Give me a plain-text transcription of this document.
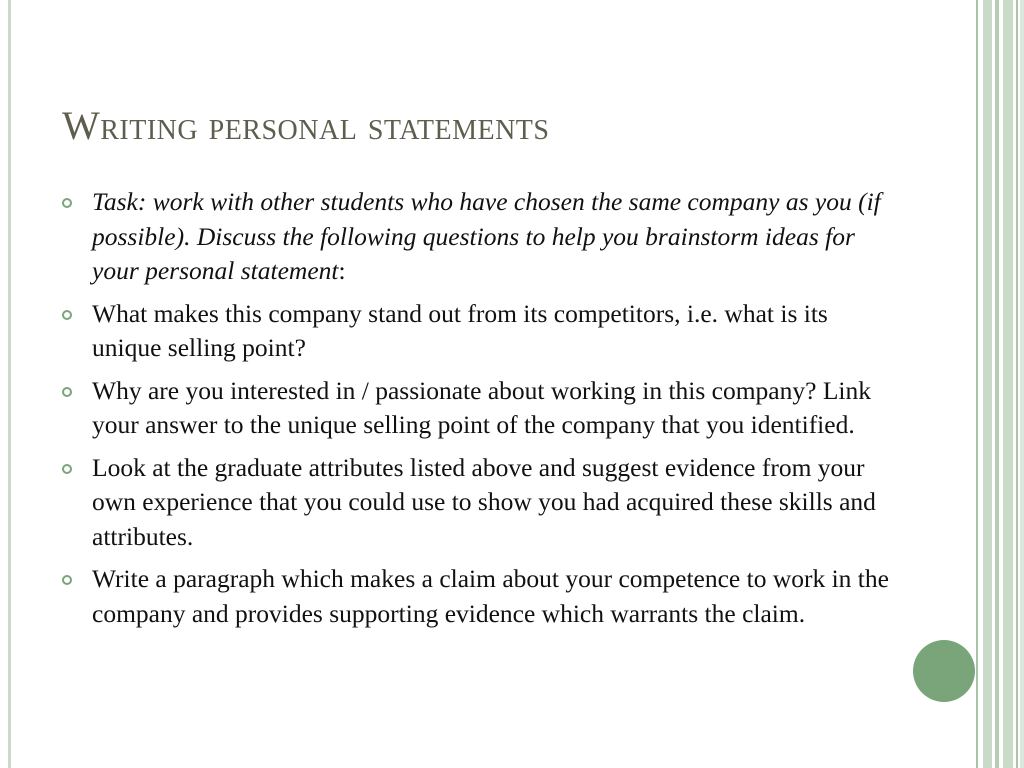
Writing personal statements
Task: work with other students who have chosen the same company as you (if possible). Discuss the following questions to help you brainstorm ideas for your personal statement:
What makes this company stand out from its competitors, i.e. what is its unique selling point?
Why are you interested in / passionate about working in this company? Link your answer to the unique selling point of the company that you identified.
Look at the graduate attributes listed above and suggest evidence from your own experience that you could use to show you had acquired these skills and attributes.
Write a paragraph which makes a claim about your competence to work in the company and provides supporting evidence which warrants the claim.
